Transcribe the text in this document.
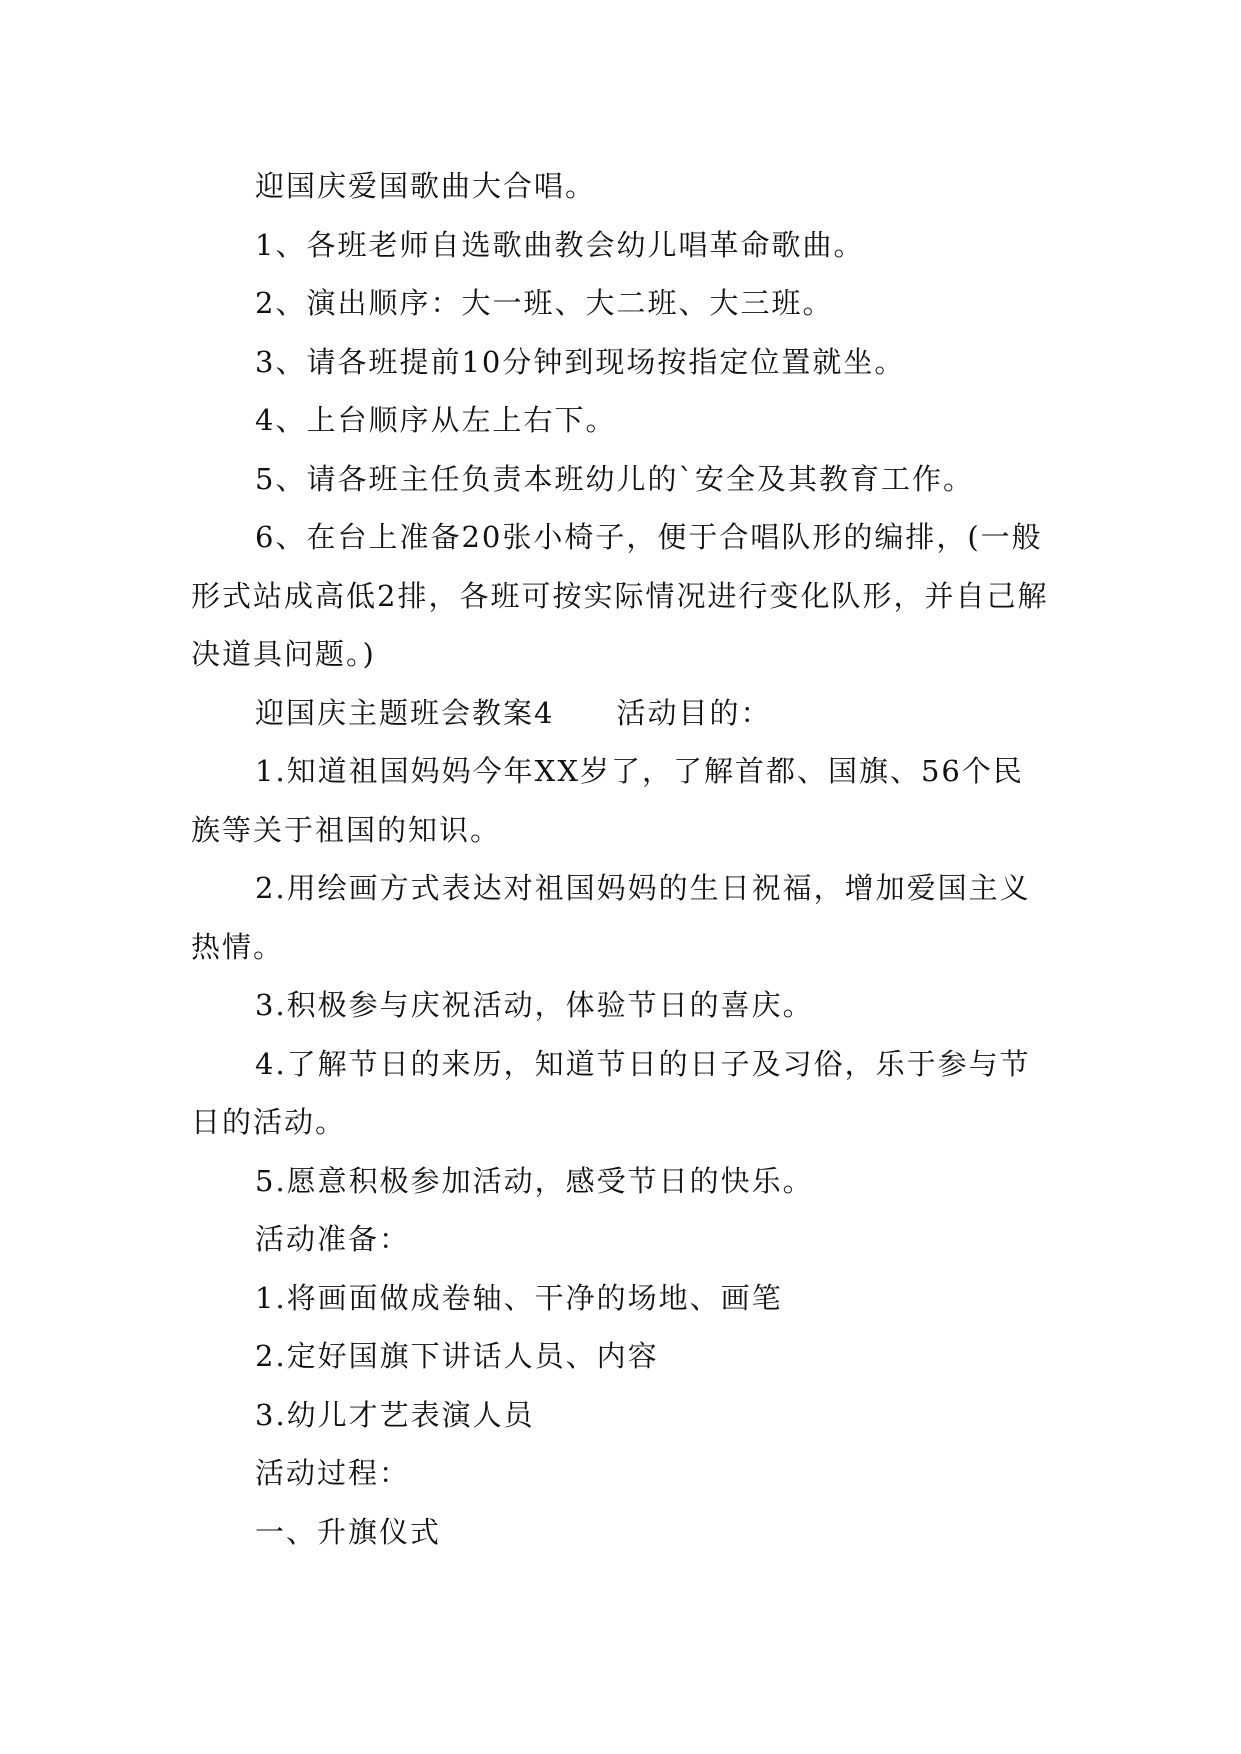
迎国庆爱国歌曲大合唱。

1、各班老师自选歌曲教会幼儿唱革命歌曲。

2、演出顺序：大一班、大二班、大三班。

3、请各班提前10分钟到现场按指定位置就坐。

4、上台顺序从左上右下。

5、请各班主任负责本班幼儿的`安全及其教育工作。

6、在台上准备20张小椅子，便于合唱队形的编排，(一般形式站成高低2排，各班可按实际情况进行变化队形，并自己解决道具问题。)

迎国庆主题班会教案4　　活动目的：

1.知道祖国妈妈今年XX岁了，了解首都、国旗、56个民族等关于祖国的知识。

2.用绘画方式表达对祖国妈妈的生日祝福，增加爱国主义热情。

3.积极参与庆祝活动，体验节日的喜庆。

4.了解节日的来历，知道节日的日子及习俗，乐于参与节日的活动。

5.愿意积极参加活动，感受节日的快乐。

活动准备：

1.将画面做成卷轴、干净的场地、画笔

2.定好国旗下讲话人员、内容

3.幼儿才艺表演人员

活动过程：

一、升旗仪式
